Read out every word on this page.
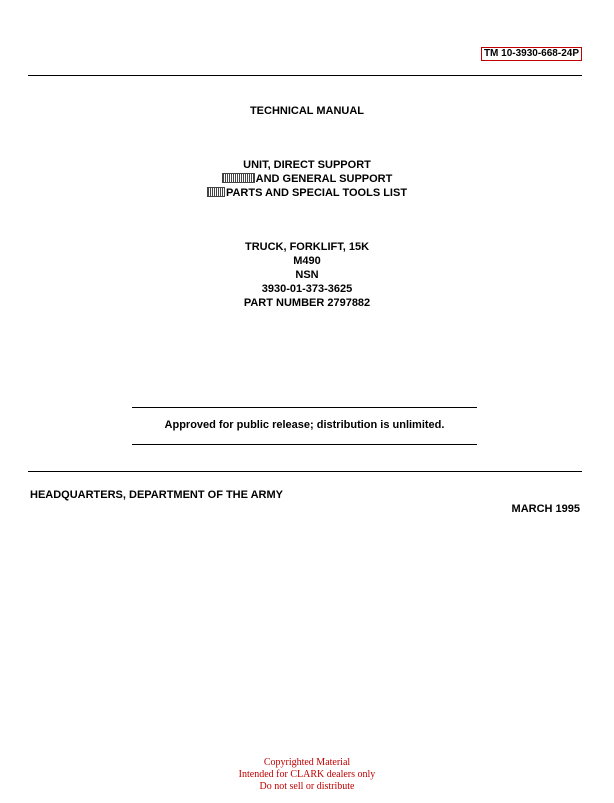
TM 10-3930-668-24P
TECHNICAL MANUAL
UNIT, DIRECT SUPPORT
AND GENERAL SUPPORT
PARTS AND SPECIAL TOOLS LIST
TRUCK, FORKLIFT, 15K
M490
NSN
3930-01-373-3625
PART NUMBER 2797882
Approved for public release; distribution is unlimited.
HEADQUARTERS, DEPARTMENT OF THE ARMY
MARCH 1995
Copyrighted Material
Intended for CLARK dealers only
Do not sell or distribute
